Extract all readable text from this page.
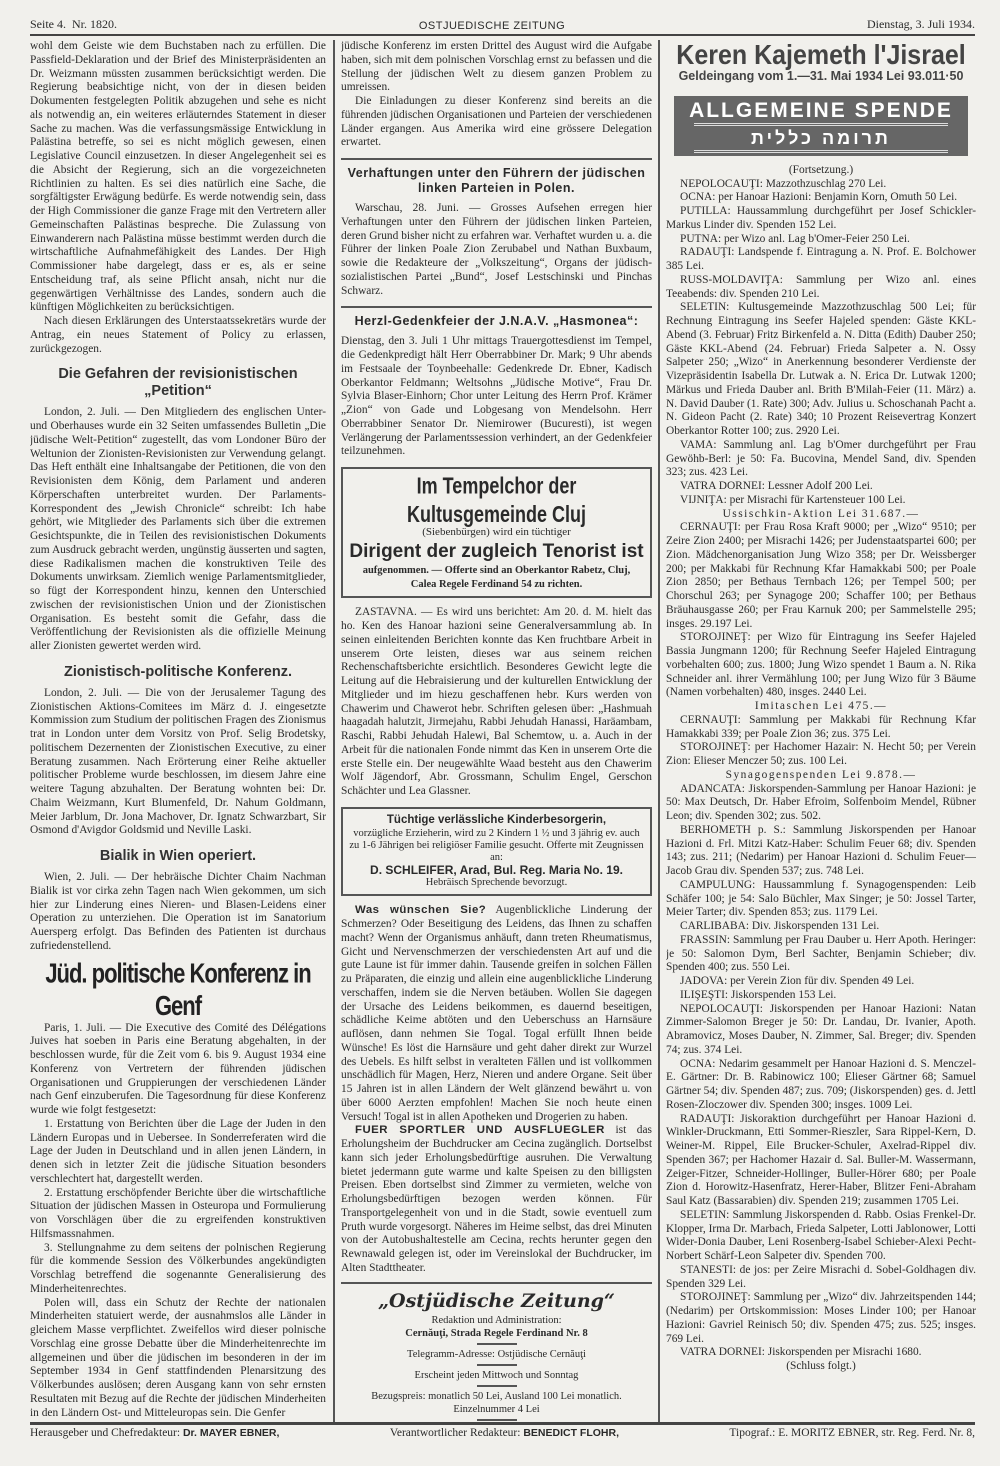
Seite 4. Nr. 1820.	OSTJUEDISCHE ZEITUNG	Dienstag, 3. Juli 1934.

wohl dem Geiste wie dem Buchstaben nach zu erfüllen. Die Passfield-Deklaration und der Brief des Ministerpräsidenten an Dr. Weizmann müssten zusammen berücksichtigt werden. Die Regierung beabsichtige nicht, von der in diesen beiden Dokumenten festgelegten Politik abzugehen und sehe es nicht als notwendig an, ein weiteres erläuterndes Statement in dieser Sache zu machen. Was die verfassungsmässige Entwicklung in Palästina betreffe, so sei es nicht möglich gewesen, einen Legislative Council einzusetzen. In dieser Angelegenheit sei es die Absicht der Regierung, sich an die vorgezeichneten Richtlinien zu halten. Es sei dies natürlich eine Sache, die sorgfältigster Erwägung bedürfe. Es werde notwendig sein, dass der High Commissioner die ganze Frage mit den Vertretern aller Gemeinschaften Palästinas bespreche. Die Zulassung von Einwanderern nach Palästina müsse bestimmt werden durch die wirtschaftliche Aufnahmefähigkeit des Landes. Der High Commissioner habe dargelegt, dass er es, als er seine Entscheidung traf, als seine Pflicht ansah, nicht nur die gegenwärtigen Verhältnisse des Landes, sondern auch die künftigen Möglichkeiten zu berücksichtigen.

Nach diesen Erklärungen des Unterstaatssekretärs wurde der Antrag, ein neues Statement of Policy zu erlassen, zurückgezogen.

Die Gefahren der revisionistischen „Petition“

London, 2. Juli. — Den Mitgliedern des englischen Unter- und Oberhauses wurde ein 32 Seiten umfassendes Bulletin „Die jüdische Welt-Petition“ zugestellt, das vom Londoner Büro der Weltunion der Zionisten-Revisionisten zur Verwendung gelangt. Das Heft enthält eine Inhaltsangabe der Petitionen, die von den Revisionisten dem König, dem Parlament und anderen Körperschaften unterbreitet wurden. Der Parlaments-Korrespondent des „Jewish Chronicle“ schreibt: Ich habe gehört, wie Mitglieder des Parlaments sich über die extremen Gesichtspunkte, die in Teilen des revisionistischen Dokuments zum Ausdruck gebracht werden, ungünstig äusserten und sagten, diese Radikalismen machen die konstruktiven Teile des Dokuments unwirksam. Ziemlich wenige Parlamentsmitglieder, so fügt der Korrespondent hinzu, kennen den Unterschied zwischen der revisionistischen Union und der Zionistischen Organisation. Es besteht somit die Gefahr, dass die Veröffentlichung der Revisionisten als die offizielle Meinung aller Zionisten gewertet werden wird.

Zionistisch-politische Konferenz.

London, 2. Juli. — Die von der Jerusalemer Tagung des Zionistischen Aktions-Comitees im März d. J. eingesetzte Kommission zum Studium der politischen Fragen des Zionismus trat in London unter dem Vorsitz von Prof. Selig Brodetsky, politischem Dezernenten der Zionistischen Executive, zu einer Beratung zusammen. Nach Erörterung einer Reihe aktueller politischer Probleme wurde beschlossen, im diesem Jahre eine weitere Tagung abzuhalten. Der Beratung wohnten bei: Dr. Chaim Weizmann, Kurt Blumenfeld, Dr. Nahum Goldmann, Meier Jarblum, Dr. Jona Machover, Dr. Ignatz Schwarzbart, Sir Osmond d'Avigdor Goldsmid und Neville Laski.

Bialik in Wien operiert.

Wien, 2. Juli. — Der hebräische Dichter Chaim Nachman Bialik ist vor cirka zehn Tagen nach Wien gekommen, um sich hier zur Linderung eines Nieren- und Blasen-Leidens einer Operation zu unterziehen. Die Operation ist im Sanatorium Auersperg erfolgt. Das Befinden des Patienten ist durchaus zufriedenstellend.

Jüd. politische Konferenz in Genf

Paris, 1. Juli. — Die Executive des Comité des Délégations Juives hat soeben in Paris eine Beratung abgehalten, in der beschlossen wurde, für die Zeit vom 6. bis 9. August 1934 eine Konferenz von Vertretern der führenden jüdischen Organisationen und Gruppierungen der verschiedenen Länder nach Genf einzuberufen. Die Tagesordnung für diese Konferenz wurde wie folgt festgesetzt:

1. Erstattung von Berichten über die Lage der Juden in den Ländern Europas und in Uebersee. In Sonderreferaten wird die Lage der Juden in Deutschland und in allen jenen Ländern, in denen sich in letzter Zeit die jüdische Situation besonders verschlechtert hat, dargestellt werden.

2. Erstattung erschöpfender Berichte über die wirtschaftliche Situation der jüdischen Massen in Osteuropa und Formulierung von Vorschlägen über die zu ergreifenden konstruktiven Hilfsmassnahmen.

3. Stellungnahme zu dem seitens der polnischen Regierung für die kommende Session des Völkerbundes angekündigten Vorschlag betreffend die sogenannte Generalisierung des Minderheitenrechtes.

Polen will, dass ein Schutz der Rechte der nationalen Minderheiten statuiert werde, der ausnahmslos alle Länder in gleichem Masse verpflichtet. Zweifellos wird dieser polnische Vorschlag eine grosse Debatte über die Minderheitenrechte im allgemeinen und über die jüdischen im besonderen in der im September 1934 in Genf stattfindenden Plenarsitzung des Völkerbundes auslösen; deren Ausgang kann von sehr ernsten Resultaten mit Bezug auf die Rechte der jüdischen Minderheiten in den Ländern Ost- und Mitteleuropas sein. Die Genfer

jüdische Konferenz im ersten Drittel des August wird die Aufgabe haben, sich mit dem polnischen Vorschlag ernst zu befassen und die Stellung der jüdischen Welt zu diesem ganzen Problem zu umreissen.

Die Einladungen zu dieser Konferenz sind bereits an die führenden jüdischen Organisationen und Parteien der verschiedenen Länder ergangen. Aus Amerika wird eine grössere Delegation erwartet.

Verhaftungen unter den Führern der jüdischen linken Parteien in Polen.

Warschau, 28. Juni. — Grosses Aufsehen erregen hier Verhaftungen unter den Führern der jüdischen linken Parteien, deren Grund bisher nicht zu erfahren war. Verhaftet wurden u. a. die Führer der linken Poale Zion Zerubabel und Nathan Buxbaum, sowie die Redakteure der „Volkszeitung“, Organs der jüdisch-sozialistischen Partei „Bund“, Josef Lestschinski und Pinchas Schwarz.

Herzl-Gedenkfeier der J.N.A.V. „Hasmonea“:

Dienstag, den 3. Juli 1 Uhr mittags Trauergottesdienst im Tempel, die Gedenkpredigt hält Herr Oberrabbiner Dr. Mark; 9 Uhr abends im Festsaale der Toynbeehalle: Gedenkrede Dr. Ebner, Kadisch Oberkantor Feldmann; Weltsohns „Jüdische Motive“, Frau Dr. Sylvia Blaser-Einhorn; Chor unter Leitung des Herrn Prof. Krämer „Zion“ von Gade und Lobgesang von Mendelsohn. Herr Oberrabbiner Senator Dr. Niemirower (Bucuresti), ist wegen Verlängerung der Parlamentssession verhindert, an der Gedenkfeier teilzunehmen.

Im Tempelchor der Kultusgemeinde Cluj
(Siebenbürgen) wird ein tüchtiger
Dirigent der zugleich Tenorist ist
aufgenommen. — Offerte sind an Oberkantor Rabetz, Cluj, Calea Regele Ferdinand 54 zu richten.

ZASTAVNA. — Es wird uns berichtet: Am 20. d. M. hielt das ho. Ken des Hanoar hazioni seine Generalversammlung ab. In seinen einleitenden Berichten konnte das Ken fruchtbare Arbeit in unserem Orte leisten, dieses war aus seinem reichen Rechenschaftsberichte ersichtlich. Besonderes Gewicht legte die Leitung auf die Hebraisierung und der kulturellen Entwicklung der Mitglieder und im hiezu geschaffenen hebr. Kurs werden von Chawerim und Chawerot hebr. Schriften gelesen über: „Hashmuah haagadah halutzit, Jirmejahu, Rabbi Jehudah Hanassi, Haräambam, Raschi, Rabbi Jehudah Halewi, Bal Schemtow, u. a. Auch in der Arbeit für die nationalen Fonde nimmt das Ken in unserem Orte die erste Stelle ein. Der neugewählte Waad besteht aus den Chawerim Wolf Jägendorf, Abr. Grossmann, Schulim Engel, Gerschon Schächter und Lea Glassner.

Tüchtige verlässliche Kinderbesorgerin,
vorzügliche Erzieherin, wird zu 2 Kindern 1 ½ und 3 jährig ev. auch zu 1-6 Jährigen bei religiöser Familie gesucht. Offerte mit Zeugnissen an:
D. SCHLEIFER, Arad, Bul. Reg. Maria No. 19.
Hebräisch Sprechende bevorzugt.

Was wünschen Sie? Augenblickliche Linderung der Schmerzen? Oder Beseitigung des Leidens, das Ihnen zu schaffen macht? Wenn der Organismus anhäuft, dann treten Rheumatismus, Gicht und Nervenschmerzen der verschiedensten Art auf und die gute Laune ist für immer dahin. Tausende greifen in solchen Fällen zu Präparaten, die einzig und allein eine augenblickliche Linderung verschaffen, indem sie die Nerven betäuben. Wollen Sie dagegen der Ursache des Leidens beikommen, es dauernd beseitigen, schädliche Keime abtöten und den Ueberschuss an Harnsäure auflösen, dann nehmen Sie Togal. Togal erfüllt Ihnen beide Wünsche! Es löst die Harnsäure und geht daher direkt zur Wurzel des Uebels. Es hilft selbst in veralteten Fällen und ist vollkommen unschädlich für Magen, Herz, Nieren und andere Organe. Seit über 15 Jahren ist in allen Ländern der Welt glänzend bewährt u. von über 6000 Aerzten empfohlen! Machen Sie noch heute einen Versuch! Togal ist in allen Apotheken und Drogerien zu haben.

FUER SPORTLER UND AUSFLUEGLER ist das Erholungsheim der Buchdrucker am Cecina zugänglich. Dortselbst kann sich jeder Erholungsbedürftige ausruhen. Die Verwaltung bietet jedermann gute warme und kalte Speisen zu den billigsten Preisen. Eben dortselbst sind Zimmer zu vermieten, welche von Erholungsbedürftigen bezogen werden können. Für Transportgelegenheit von und in die Stadt, sowie eventuell zum Pruth wurde vorgesorgt. Näheres im Heime selbst, das drei Minuten von der Autobushaltestelle am Cecina, rechts herunter gegen den Rewnawald gelegen ist, oder im Vereinslokal der Buchdrucker, im Alten Stadttheater.

„Ostjüdische Zeitung“
Redaktion und Administration:
Cernăuţi, Strada Regele Ferdinand Nr. 8
Telegramm-Adresse: Ostjüdische Cernăuţi
Erscheint jeden Mittwoch und Sonntag
Bezugspreis: monatlich 50 Lei, Ausland 100 Lei monatlich. Einzelnummer 4 Lei
Keren Kajemeth l'Jisrael
Geldeingang vom 1.—31. Mai 1934 Lei 93.011·50
ALLGEMEINE SPENDE
תרומה כללית

(Fortsetzung.)

NEPOLOCAUŢI: Mazzothzuschlag 270 Lei.

OCNA: per Hanoar Hazioni: Benjamin Korn, Omuth 50 Lei.

PUTILLA: Haussammlung durchgeführt per Josef Schickler-Markus Linder div. Spenden 152 Lei.

PUTNA: per Wizo anl. Lag b'Omer-Feier 250 Lei.

RADAUŢI: Landspende f. Eintragung a. N. Prof. E. Bolchower 385 Lei.

RUSS-MOLDAVIŢA: Sammlung per Wizo anl. eines Teeabends: div. Spenden 210 Lei.

SELETIN: Kultusgemeinde Mazzothzuschlag 500 Lei; für Rechnung Eintragung ins Seefer Hajeled spenden: Gäste KKL-Abend (3. Februar) Fritz Birkenfeld a. N. Ditta (Edith) Dauber 250; Gäste KKL-Abend (24. Februar) Frieda Salpeter a. N. Ossy Salpeter 250; „Wizo“ in Anerkennung besonderer Verdienste der Vizepräsidentin Isabella Dr. Lutwak a. N. Erica Dr. Lutwak 1200; Märkus und Frieda Dauber anl. Brith B'Milah-Feier (11. März) a. N. David Dauber (1. Rate) 300; Adv. Julius u. Schoschanah Pacht a. N. Gideon Pacht (2. Rate) 340; 10 Prozent Reisevertrag Konzert Oberkantor Rotter 100; zus. 2920 Lei.

VAMA: Sammlung anl. Lag b'Omer durchgeführt per Frau Gewöhb-Berl: je 50: Fa. Bucovina, Mendel Sand, div. Spenden 323; zus. 423 Lei.

VATRA DORNEI: Lessner Adolf 200 Lei.

VIJNIŢA: per Misrachi für Kartensteuer 100 Lei.

Ussischkin-Aktion Lei 31.687.—

CERNAUŢI: per Frau Rosa Kraft 9000; per „Wizo“ 9510; per Zeire Zion 2400; per Misrachi 1426; per Judenstaatspartei 600; per Zion. Mädchenorganisation Jung Wizo 358; per Dr. Weissberger 200; per Makkabi für Rechnung Kfar Hamakkabi 500; per Poale Zion 2850; per Bethaus Ternbach 126; per Tempel 500; per Chorschul 263; per Synagoge 200; Schaffer 100; per Bethaus Bräuhausgasse 260; per Frau Karnuk 200; per Sammelstelle 295; insges. 29.197 Lei.

STOROJINEŢ: per Wizo für Eintragung ins Seefer Hajeled Bassia Jungmann 1200; für Rechnung Seefer Hajeled Eintragung vorbehalten 600; zus. 1800; Jung Wizo spendet 1 Baum a. N. Rika Schneider anl. ihrer Vermählung 100; per Jung Wizo für 3 Bäume (Namen vorbehalten) 480, insges. 2440 Lei.

Imitaschen Lei 475.—

CERNAUŢI: Sammlung per Makkabi für Rechnung Kfar Hamakkabi 339; per Poale Zion 36; zus. 375 Lei.

STOROJINEŢ: per Hachomer Hazair: N. Hecht 50; per Verein Zion: Elieser Menczer 50; zus. 100 Lei.

Synagogenspenden Lei 9.878.—

ADANCATA: Jiskorspenden-Sammlung per Hanoar Hazioni: je 50: Max Deutsch, Dr. Haber Efroim, Solfenboim Mendel, Rübner Leon; div. Spenden 302; zus. 502.

BERHOMETH p. S.: Sammlung Jiskorspenden per Hanoar Hazioni d. Frl. Mitzi Katz-Haber: Schulim Feuer 68; div. Spenden 143; zus. 211; (Nedarim) per Hanoar Hazioni d. Schulim Feuer—Jacob Grau div. Spenden 537; zus. 748 Lei.

CAMPULUNG: Haussammlung f. Synagogenspenden: Leib Schäfer 100; je 54: Salo Büchler, Max Singer; je 50: Jossel Tarter, Meier Tarter; div. Spenden 853; zus. 1179 Lei.

CARLIBABA: Div. Jiskorspenden 131 Lei.

FRASSIN: Sammlung per Frau Dauber u. Herr Apoth. Heringer: je 50: Salomon Dym, Berl Sachter, Benjamin Schieber; div. Spenden 400; zus. 550 Lei.

JADOVA: per Verein Zion für div. Spenden 49 Lei.

ILIŞEŞTI: Jiskorspenden 153 Lei.

NEPOLOCAUŢI: Jiskorspenden per Hanoar Hazioni: Natan Zimmer-Salomon Breger je 50: Dr. Landau, Dr. Ivanier, Apoth. Abramovicz, Moses Dauber, N. Zimmer, Sal. Breger; div. Spenden 74; zus. 374 Lei.

OCNA: Nedarim gesammelt per Hanoar Hazioni d. S. Menczel-E. Gärtner: Dr. B. Rabinowicz 100; Elieser Gärtner 68; Samuel Gärtner 54; div. Spenden 487; zus. 709; (Jiskorspenden) ges. d. Jettl Rosen-Zloczower div. Spenden 300; insges. 1009 Lei.

RADAUŢI: Jiskoraktion durchgeführt per Hanoar Hazioni d. Winkler-Druckmann, Etti Sommer-Rieszler, Sara Rippel-Kern, D. Weiner-M. Rippel, Eile Brucker-Schuler, Axelrad-Rippel div. Spenden 367; per Hachomer Hazair d. Sal. Buller-M. Wassermann, Zeiger-Fitzer, Schneider-Hollinger, Buller-Hörer 680; per Poale Zion d. Horowitz-Hasenfratz, Herer-Haber, Blitzer Feni-Abraham Saul Katz (Bassarabien) div. Spenden 219; zusammen 1705 Lei.

SELETIN: Sammlung Jiskorspenden d. Rabb. Osias Frenkel-Dr. Klopper, Irma Dr. Marbach, Frieda Salpeter, Lotti Jablonower, Lotti Wider-Donia Dauber, Leni Rosenberg-Isabel Schieber-Alexi Pecht-Norbert Schärf-Leon Salpeter div. Spenden 700.

STANESTI: de jos: per Zeire Misrachi d. Sobel-Goldhagen div. Spenden 329 Lei.

STOROJINEŢ: Sammlung per „Wizo“ div. Jahrzeitspenden 144; (Nedarim) per Ortskommission: Moses Linder 100; per Hanoar Hazioni: Gavriel Reinisch 50; div. Spenden 475; zus. 525; insges. 769 Lei.

VATRA DORNEI: Jiskorspenden per Misrachi 1680.

(Schluss folgt.)

Herausgeber und Chefredakteur: Dr. MAYER EBNER,	Verantwortlicher Redakteur: BENEDICT FLOHR,	Tipograf.: E. MORITZ EBNER, str. Reg. Ferd. Nr. 8,
